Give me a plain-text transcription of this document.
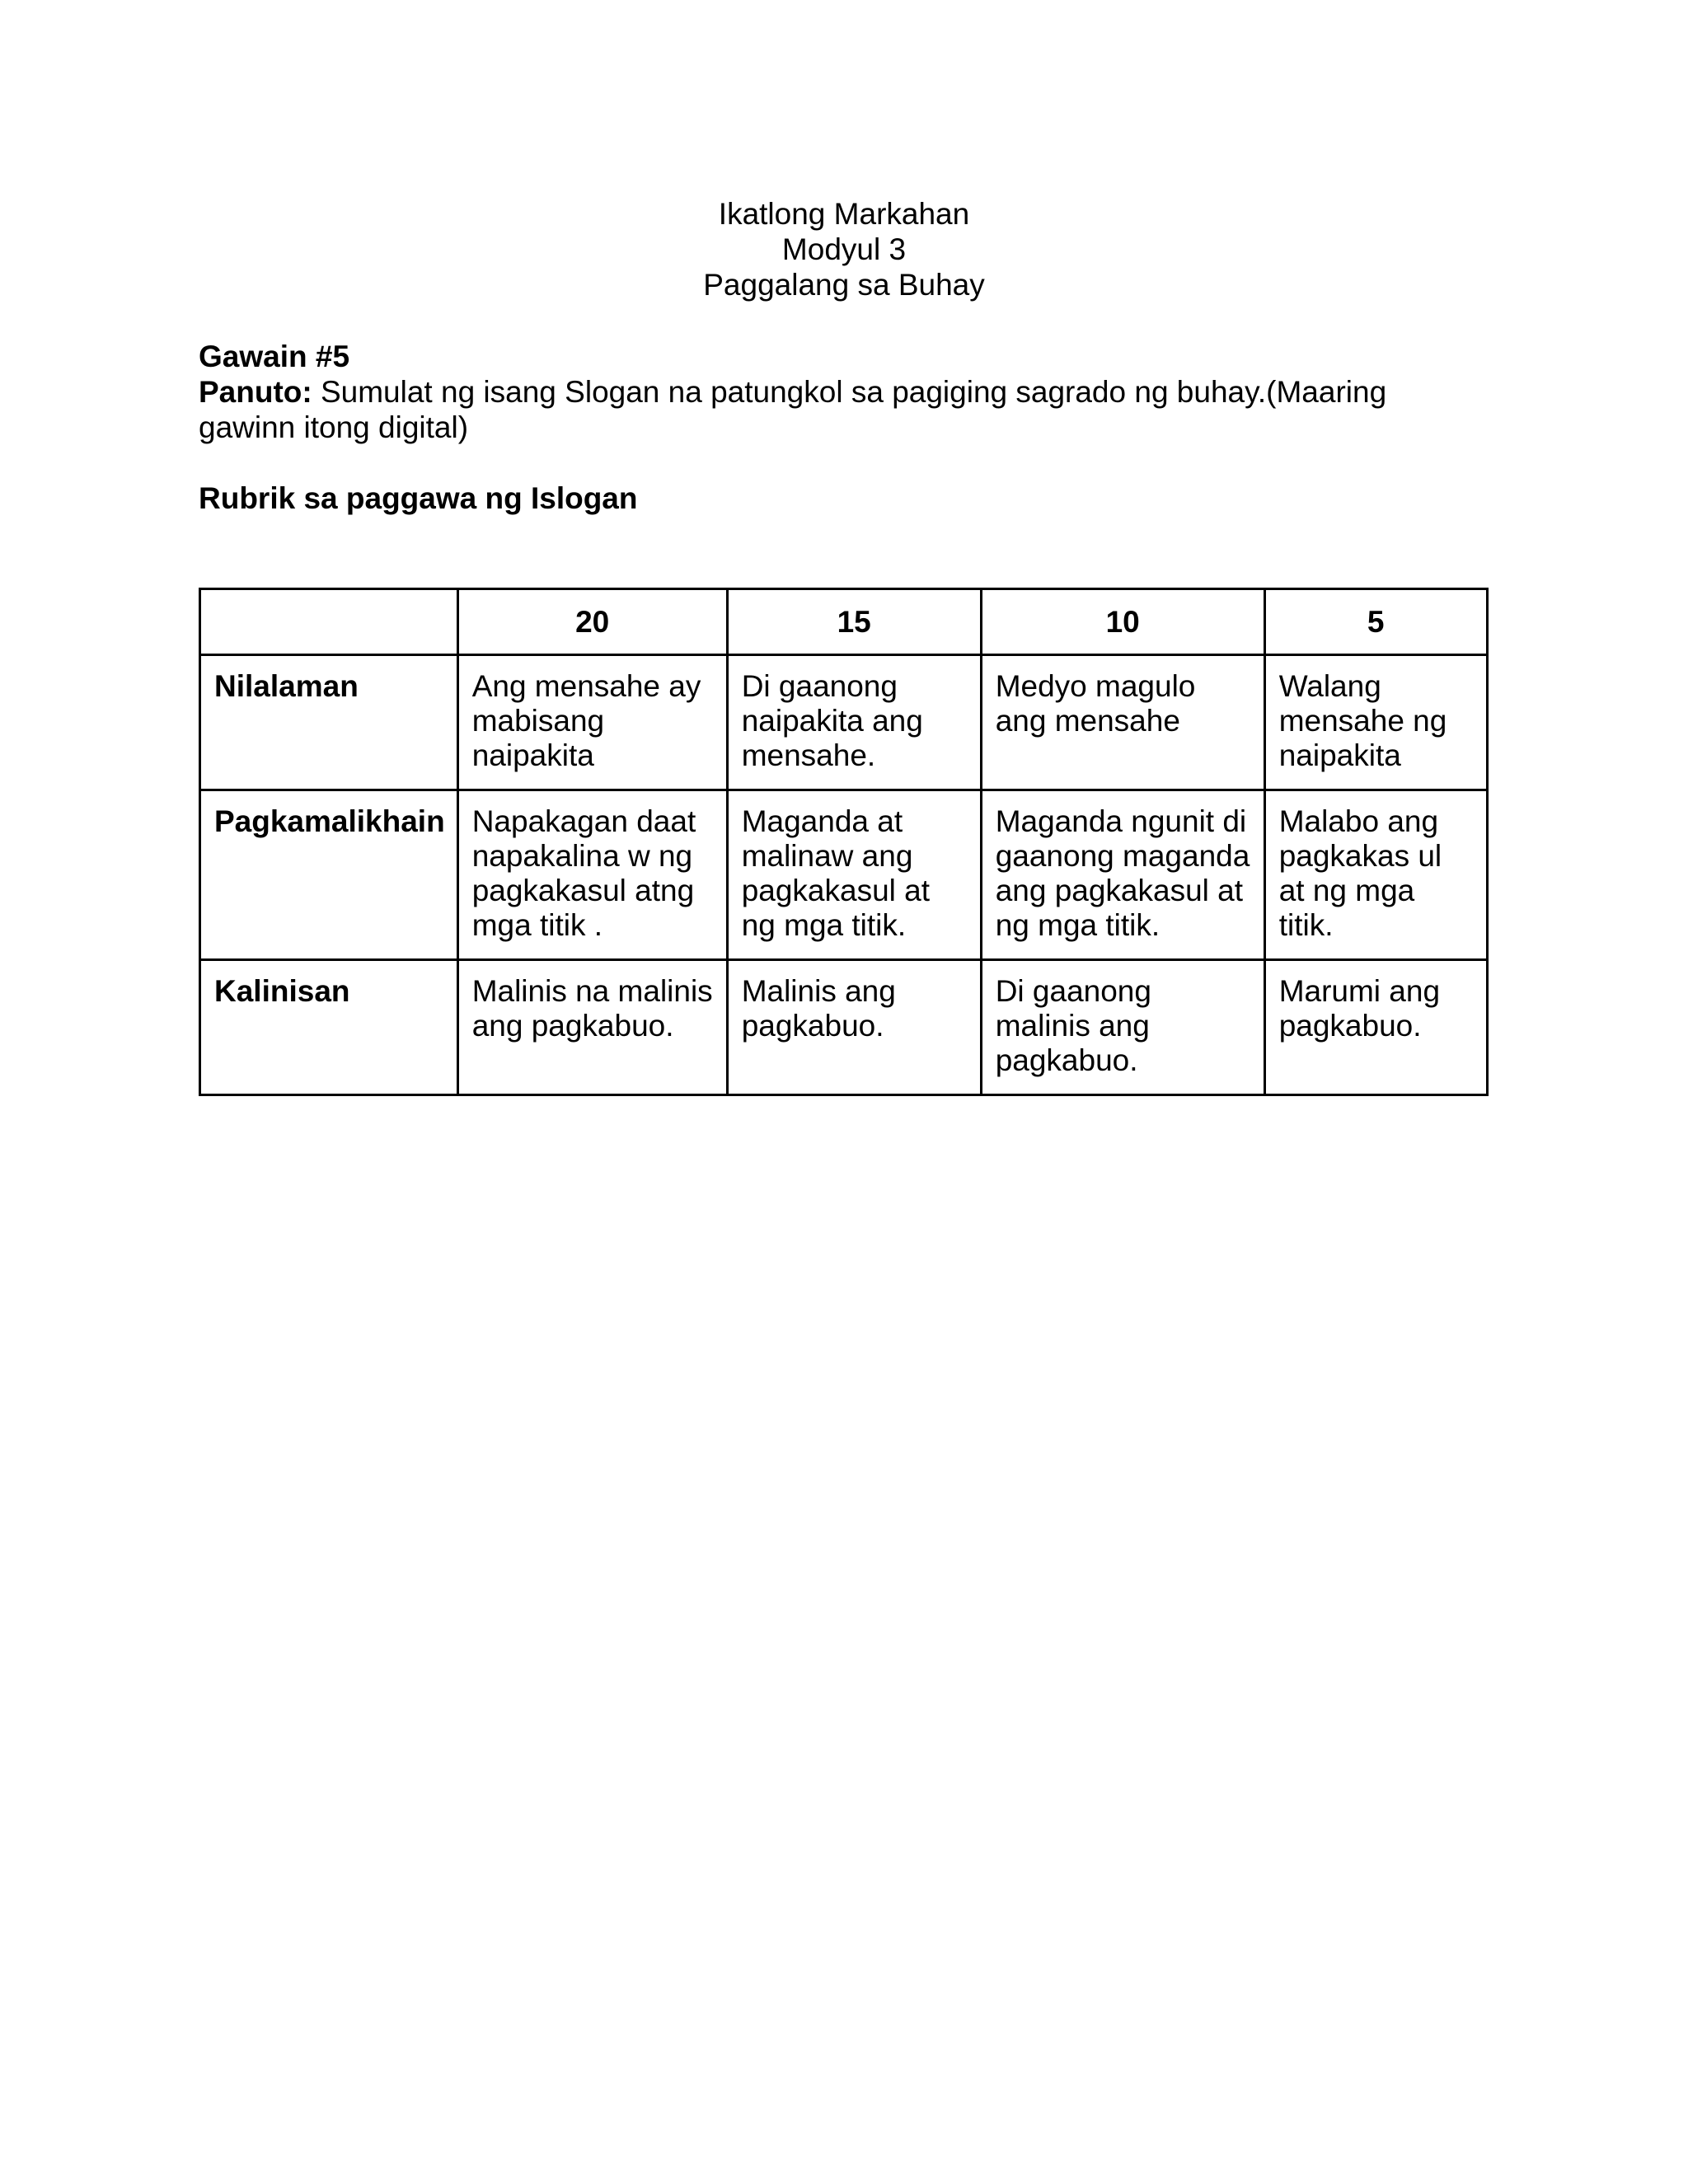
Ikatlong Markahan
Modyul 3
Paggalang sa Buhay
Gawain #5
Panuto: Sumulat ng isang Slogan na patungkol sa pagiging sagrado ng buhay.(Maaring gawinn itong digital)
Rubrik sa paggawa ng Islogan
	20	15	10	5
Nilalaman	Ang mensahe ay mabisang naipakita	Di gaanong naipakita ang mensahe.	Medyo magulo ang mensahe	Walang mensahe ng naipakita
Pagkamalikhain	Napakagan daat napakalina w ng pagkakasul atng mga titik .	Maganda at malinaw ang pagkakasul at ng mga titik.	Maganda ngunit di gaanong maganda ang pagkakasul at ng mga titik.	Malabo ang pagkakas ul at ng mga titik.
Kalinisan	Malinis na malinis ang pagkabuo.	Malinis ang pagkabuo.	Di gaanong malinis ang pagkabuo.	Marumi ang pagkabuo.
